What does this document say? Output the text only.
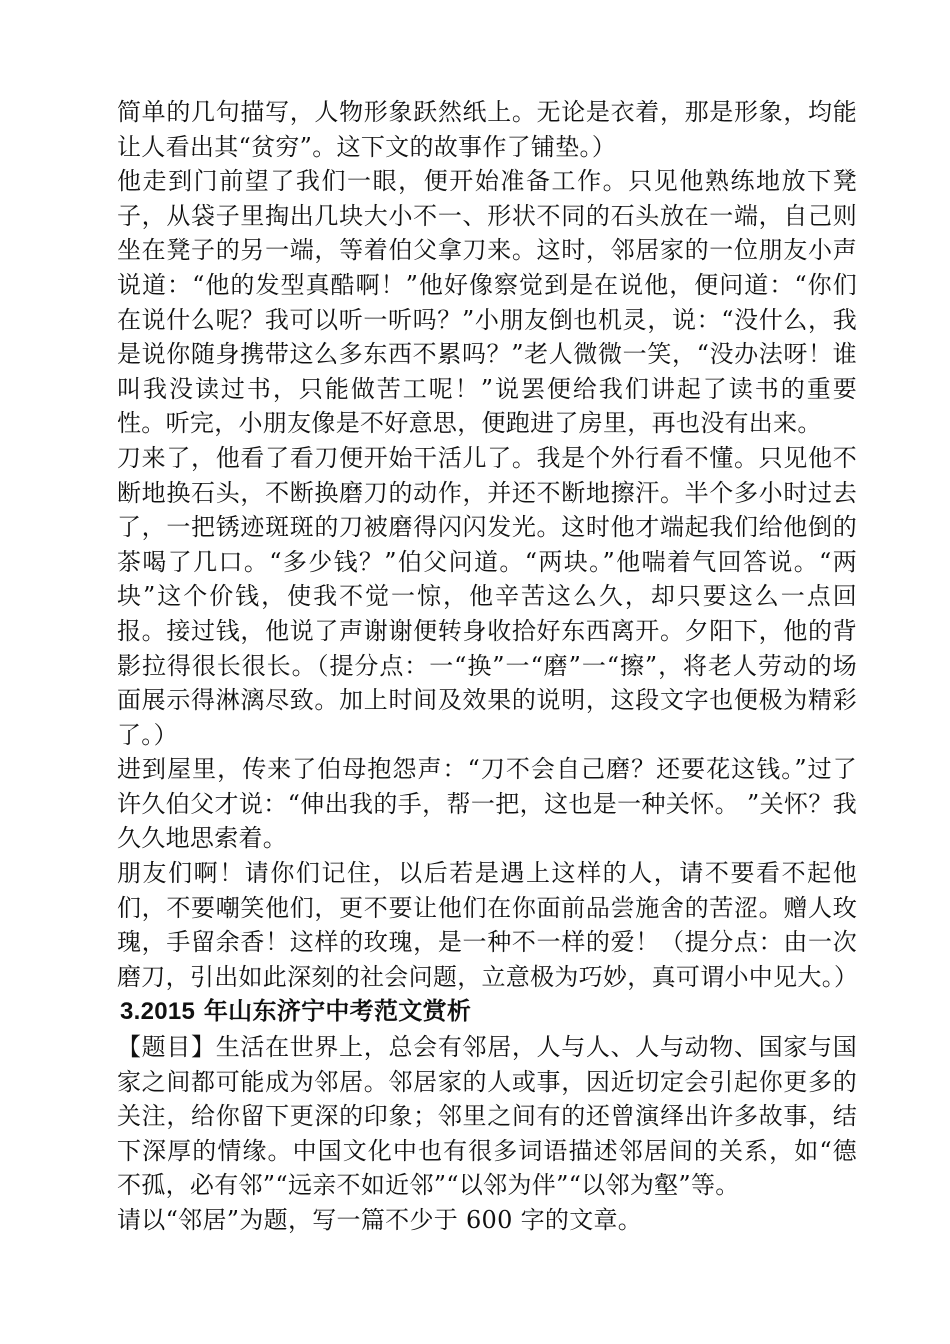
简单的几句描写，人物形象跃然纸上。无论是衣着，那是形象，均能让人看出其“贫穷”。这下文的故事作了铺垫。）

他走到门前望了我们一眼，便开始准备工作。只见他熟练地放下凳子，从袋子里掏出几块大小不一、形状不同的石头放在一端，自己则坐在凳子的另一端，等着伯父拿刀来。这时，邻居家的一位朋友小声说道：“他的发型真酷啊！”他好像察觉到是在说他，便问道：“你们在说什么呢？我可以听一听吗？”小朋友倒也机灵，说：“没什么，我是说你随身携带这么多东西不累吗？”老人微微一笑，“没办法呀！谁叫我没读过书，只能做苦工呢！”说罢便给我们讲起了读书的重要性。听完，小朋友像是不好意思，便跑进了房里，再也没有出来。

刀来了，他看了看刀便开始干活儿了。我是个外行看不懂。只见他不断地换石头，不断换磨刀的动作，并还不断地擦汗。半个多小时过去了，一把锈迹斑斑的刀被磨得闪闪发光。这时他才端起我们给他倒的茶喝了几口。“多少钱？”伯父问道。“两块。”他喘着气回答说。“两块”这个价钱，使我不觉一惊，他辛苦这么久，却只要这么一点回报。接过钱，他说了声谢谢便转身收拾好东西离开。夕阳下，他的背影拉得很长很长。（提分点：一“换”一“磨”一“擦”，将老人劳动的场面展示得淋漓尽致。加上时间及效果的说明，这段文字也便极为精彩了。）

进到屋里，传来了伯母抱怨声：“刀不会自己磨？还要花这钱。”过了许久伯父才说：“伸出我的手，帮一把，这也是一种关怀。 ”关怀？我久久地思索着。

朋友们啊！请你们记住，以后若是遇上这样的人，请不要看不起他们，不要嘲笑他们，更不要让他们在你面前品尝施舍的苦涩。赠人玫瑰，手留余香！这样的玫瑰，是一种不一样的爱！（提分点：由一次磨刀，引出如此深刻的社会问题，立意极为巧妙，真可谓小中见大。）

3.2015 年山东济宁中考范文赏析

【题目】生活在世界上，总会有邻居，人与人、人与动物、国家与国家之间都可能成为邻居。邻居家的人或事，因近切定会引起你更多的关注，给你留下更深的印象；邻里之间有的还曾演绎出许多故事，结下深厚的情缘。中国文化中也有很多词语描述邻居间的关系，如“德不孤，必有邻”“远亲不如近邻”“以邻为伴”“以邻为壑”等。

请以“邻居”为题，写一篇不少于 600 字的文章。
